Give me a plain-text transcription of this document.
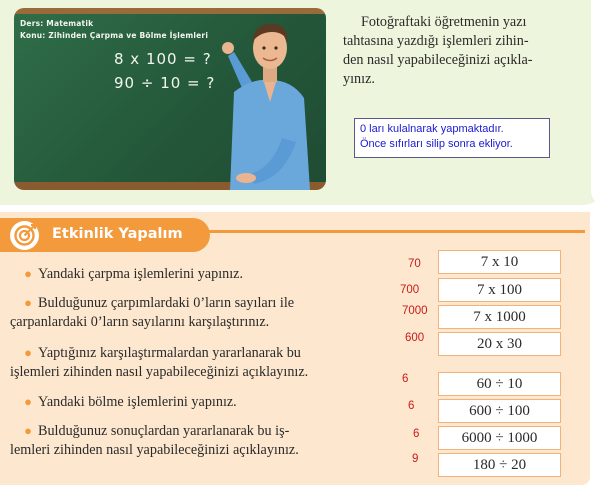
Ders: Matematik
Konu: Zihinden Çarpma ve Bölme İşlemleri
8 x 100 = ?
90 ÷ 10 = ?
Fotoğraftaki öğretmenin yazı
tahtasına yazdığı işlemleri zihin-
den nasıl yapabileceğinizi açıkla-
yınız.
0 ları kulalnarak yapmaktadır.
Önce sıfırları silip sonra ekliyor.
Etkinlik Yapalım
● Yandaki çarpma işlemlerini yapınız.
● Bulduğunuz çarpımlardaki 0’ların sayıları ile
çarpanlardaki 0’ların sayılarını karşılaştırınız.
● Yaptığınız karşılaştırmalardan yararlanarak bu
işlemleri zihinden nasıl yapabileceğinizi açıklayınız.
● Yandaki bölme işlemlerini yapınız.
● Bulduğunuz sonuçlardan yararlanarak bu iş-
lemleri zihinden nasıl yapabileceğinizi açıklayınız.
7 x 10
7 x 100
7 x 1000
20 x 30
70
700
7000
600
60 ÷ 10
600 ÷ 100
6000 ÷ 1000
180 ÷ 20
6
6
6
9
